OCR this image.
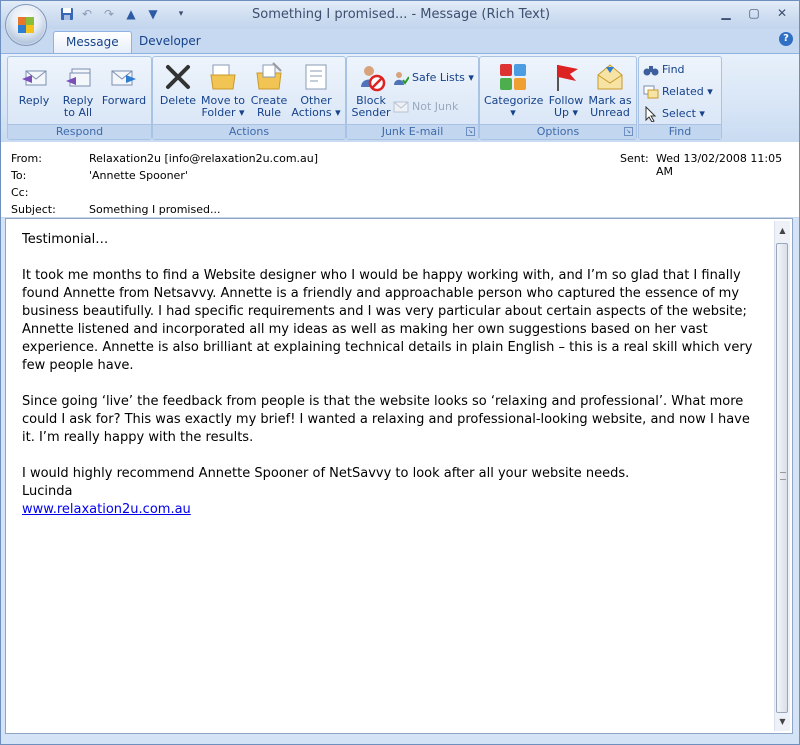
Something I promised... - Message (Rich Text)
↶ ↷ ▲ ▼	▾	▁	▢	✕
Message	Developer	?
Reply	Reply
to All
Forward
Respond
Delete Move to
Folder ▾
Create
Rule
Other
Actions ▾
Actions
Block
Sender
Safe Lists ▾
Not Junk
Junk E-mail	↘
Categorize
▾
Follow
Up ▾
Mark as
Unread
Options	↘
Find
Related ▾
Select ▾
Find
From:	Relaxation2u [info@relaxation2u.com.au]
To:	'Annette Spooner'
Cc:
Subject:	Something I promised...
Sent: Wed 13/02/2008 11:05 AM

Testimonial…

It took me months to find a Website designer who I would be happy working with, and I’m so glad that I finally found Annette from Netsavvy. Annette is a friendly and approachable person who captured the essence of my business beautifully. I had specific requirements and I was very particular about certain aspects of the website; Annette listened and incorporated all my ideas as well as making her own suggestions based on her vast experience. Annette is also brilliant at explaining technical details in plain English – this is a real skill which very few people have.

Since going ‘live’ the feedback from people is that the website looks so ‘relaxing and professional’. What more could I ask for? This was exactly my brief! I wanted a relaxing and professional-looking website, and now I have it. I’m really happy with the results.

I would highly recommend Annette Spooner of NetSavvy to look after all your website needs.
Lucinda
www.relaxation2u.com.au
▲
▼
